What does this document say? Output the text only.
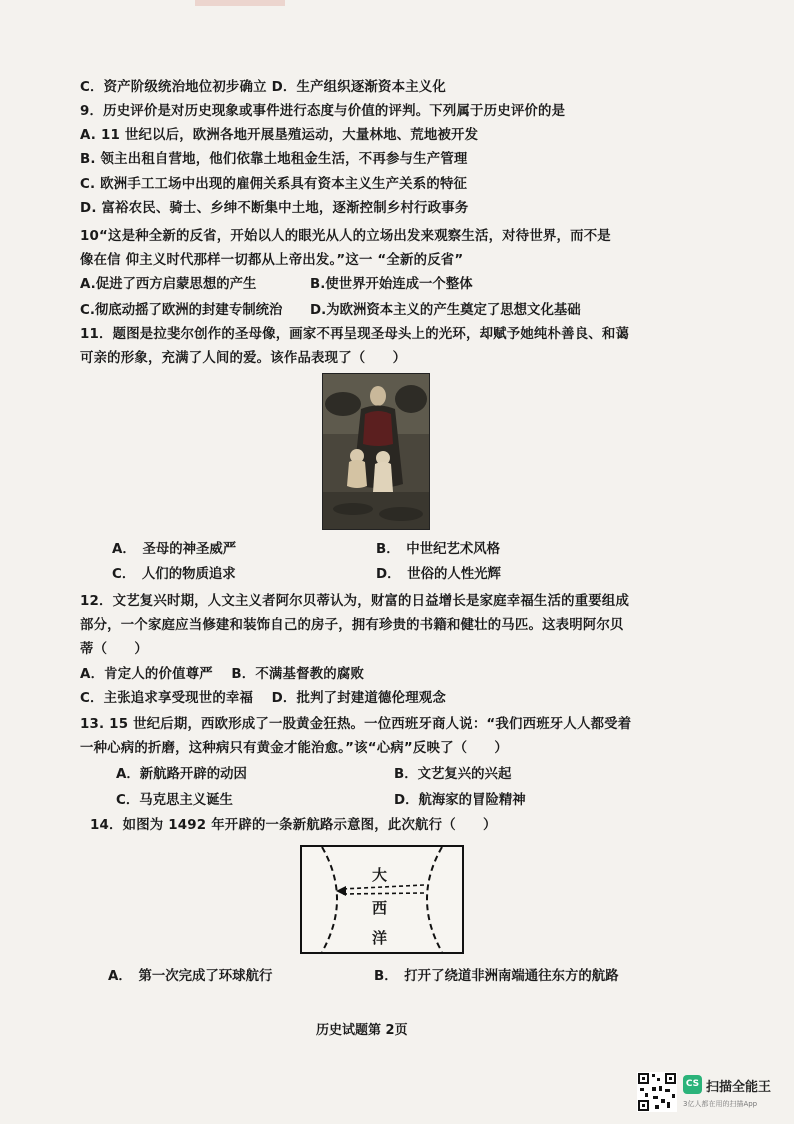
C．资产阶级统治地位初步确立 D．生产组织逐渐资本主义化
9．历史评价是对历史现象或事件进行态度与价值的评判。下列属于历史评价的是
A. 11 世纪以后，欧洲各地开展垦殖运动，大量林地、荒地被开发
B. 领主出租自营地，他们依靠土地租金生活，不再参与生产管理
C. 欧洲手工工场中出现的雇佣关系具有资本主义生产关系的特征
D. 富裕农民、骑士、乡绅不断集中土地，逐渐控制乡村行政事务
10“这是种全新的反省，开始以人的眼光从人的立场出发来观察生活，对待世界，而不是
像在信 仰主义时代那样一切都从上帝出发。”这一 “全新的反省”
A.促进了西方启蒙思想的产生	B.使世界开始连成一个整体
C.彻底动摇了欧洲的封建专制统治 D.为欧洲资本主义的产生奠定了思想文化基础
11．题图是拉斐尔创作的圣母像，画家不再呈现圣母头上的光环，却赋予她纯朴善良、和蔼
可亲的形象，充满了人间的爱。该作品表现了（　　）
A．　圣母的神圣威严	B．　中世纪艺术风格
C．　人们的物质追求	D．　世俗的人性光辉
12．文艺复兴时期，人文主义者阿尔贝蒂认为，财富的日益增长是家庭幸福生活的重要组成
部分，一个家庭应当修建和装饰自己的房子，拥有珍贵的书籍和健壮的马匹。这表明阿尔贝
蒂（　　）
A．肯定人的价值尊严　 B．不满基督教的腐败
C．主张追求享受现世的幸福　 D．批判了封建道德伦理观念
13. 15 世纪后期，西欧形成了一股黄金狂热。一位西班牙商人说：“我们西班牙人人都受着
一种心病的折磨，这种病只有黄金才能治愈。”该“心病”反映了（　　）
A．新航路开辟的动因	B．文艺复兴的兴起
C．马克思主义诞生	D．航海家的冒险精神
14．如图为 1492 年开辟的一条新航路示意图，此次航行（　　）
大
西
洋
A．　第一次完成了环球航行	B．　打开了绕道非洲南端通往东方的航路
历史试题第 2页
CS 扫描全能王
3亿人都在用的扫描App
